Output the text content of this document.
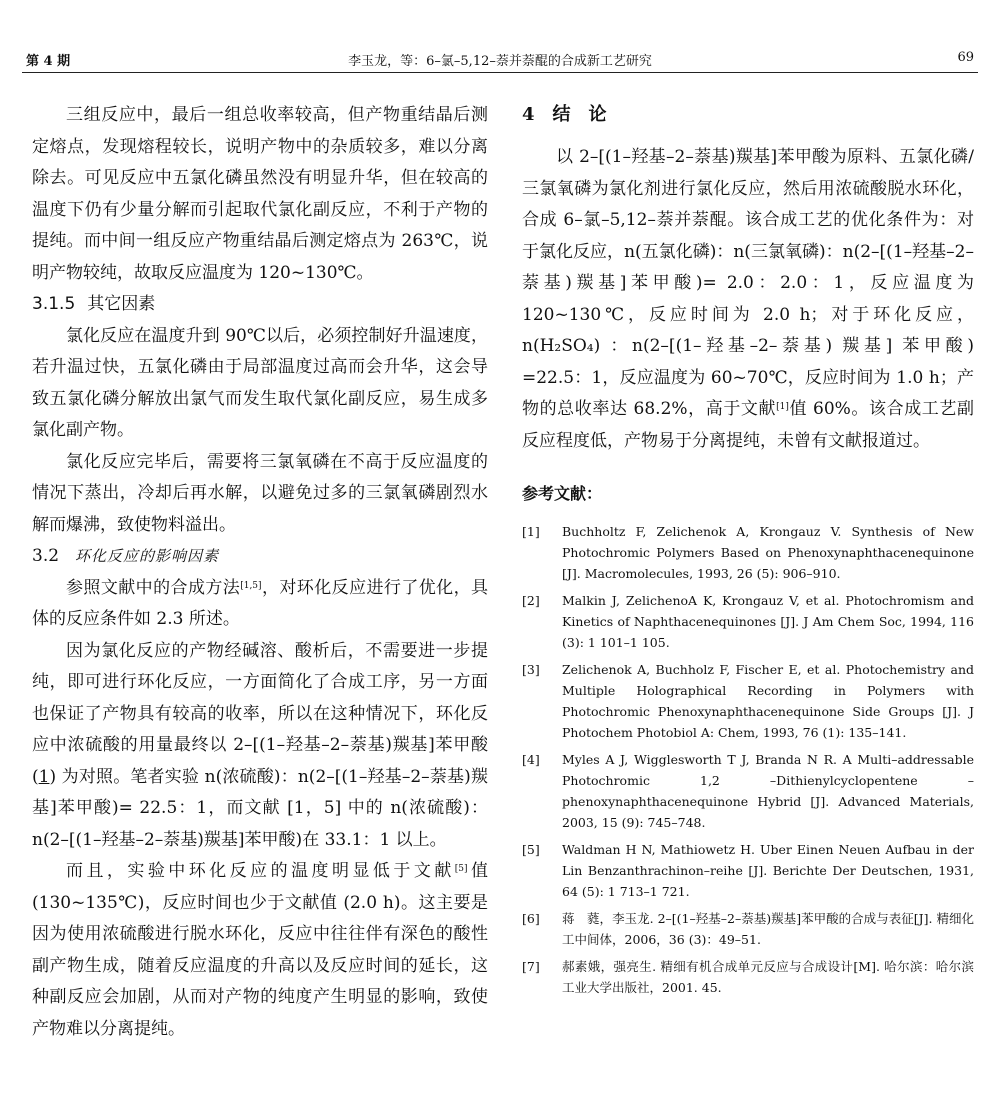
第 4 期	李玉龙，等：6–氯–5,12–萘并萘醌的合成新工艺研究	69

三组反应中，最后一组总收率较高，但产物重结晶后测定熔点，发现熔程较长，说明产物中的杂质较多，难以分离除去。可见反应中五氯化磷虽然没有明显升华，但在较高的温度下仍有少量分解而引起取代氯化副反应，不利于产物的提纯。而中间一组反应产物重结晶后测定熔点为 263℃，说明产物较纯，故取反应温度为 120~130℃。

3.1.5 其它因素

氯化反应在温度升到 90℃以后，必须控制好升温速度，若升温过快，五氯化磷由于局部温度过高而会升华，这会导致五氯化磷分解放出氯气而发生取代氯化副反应，易生成多氯化副产物。

氯化反应完毕后，需要将三氯氧磷在不高于反应温度的情况下蒸出，冷却后再水解，以避免过多的三氯氧磷剧烈水解而爆沸，致使物料溢出。

3.2 环化反应的影响因素

参照文献中的合成方法[1,5]，对环化反应进行了优化，具体的反应条件如 2.3 所述。

因为氯化反应的产物经碱溶、酸析后，不需要进一步提纯，即可进行环化反应，一方面简化了合成工序，另一方面也保证了产物具有较高的收率，所以在这种情况下，环化反应中浓硫酸的用量最终以 2–[(1–羟基–2–萘基)羰基]苯甲酸 (1) 为对照。笔者实验 n(浓硫酸)：n(2–[(1–羟基–2–萘基)羰基]苯甲酸)= 22.5：1，而文献 [1，5] 中的 n(浓硫酸)：n(2–[(1–羟基–2–萘基)羰基]苯甲酸)在 33.1：1 以上。

而且，实验中环化反应的温度明显低于文献[5]值 (130~135℃)，反应时间也少于文献值 (2.0 h)。这主要是因为使用浓硫酸进行脱水环化，反应中往往伴有深色的酸性副产物生成，随着反应温度的升高以及反应时间的延长，这种副反应会加剧，从而对产物的纯度产生明显的影响，致使产物难以分离提纯。

4 结　论

以 2–[(1–羟基–2–萘基)羰基]苯甲酸为原料、五氯化磷/三氯氧磷为氯化剂进行氯化反应，然后用浓硫酸脱水环化，合成 6–氯–5,12–萘并萘醌。该合成工艺的优化条件为：对于氯化反应，n(五氯化磷)：n(三氯氧磷)：n(2–[(1–羟基–2–萘基)羰基]苯甲酸)= 2.0：2.0：1，反应温度为 120~130℃，反应时间为 2.0 h；对于环化反应，n(H₂SO₄) ：n(2–[(1–羟基–2–萘基) 羰基] 苯甲酸) =22.5：1，反应温度为 60~70℃，反应时间为 1.0 h；产物的总收率达 68.2%，高于文献[1]值 60%。该合成工艺副反应程度低，产物易于分离提纯，未曾有文献报道过。

参考文献：
[1] Buchholtz F, Zelichenok A, Krongauz V. Synthesis of New Photochromic Polymers Based on Phenoxynaphthacenequinone [J]. Macromolecules, 1993, 26 (5): 906–910.
[2] Malkin J, ZelichenoA K, Krongauz V, et al. Photochromism and Kinetics of Naphthacenequinones [J]. J Am Chem Soc, 1994, 116 (3): 1 101–1 105.
[3] Zelichenok A, Buchholz F, Fischer E, et al. Photochemistry and Multiple Holographical Recording in Polymers with Photochromic Phenoxynaphthacenequinone Side Groups [J]. J Photochem Photobiol A: Chem, 1993, 76 (1): 135–141.
[4] Myles A J, Wigglesworth T J, Branda N R. A Multi–addressable Photochromic 1,2 –Dithienylcyclopentene – phenoxynaphthacenequinone Hybrid [J]. Advanced Materials, 2003, 15 (9): 745–748.
[5] Waldman H N, Mathiowetz H. Uber Einen Neuen Aufbau in der Lin Benzanthrachinon–reihe [J]. Berichte Der Deutschen, 1931, 64 (5): 1 713–1 721.
[6] 蒋　蕤，李玉龙. 2–[(1–羟基–2–萘基)羰基]苯甲酸的合成与表征[J]. 精细化工中间体，2006，36 (3)：49–51.
[7] 郝素娥，强亮生. 精细有机合成单元反应与合成设计[M]. 哈尔滨：哈尔滨工业大学出版社，2001. 45.
